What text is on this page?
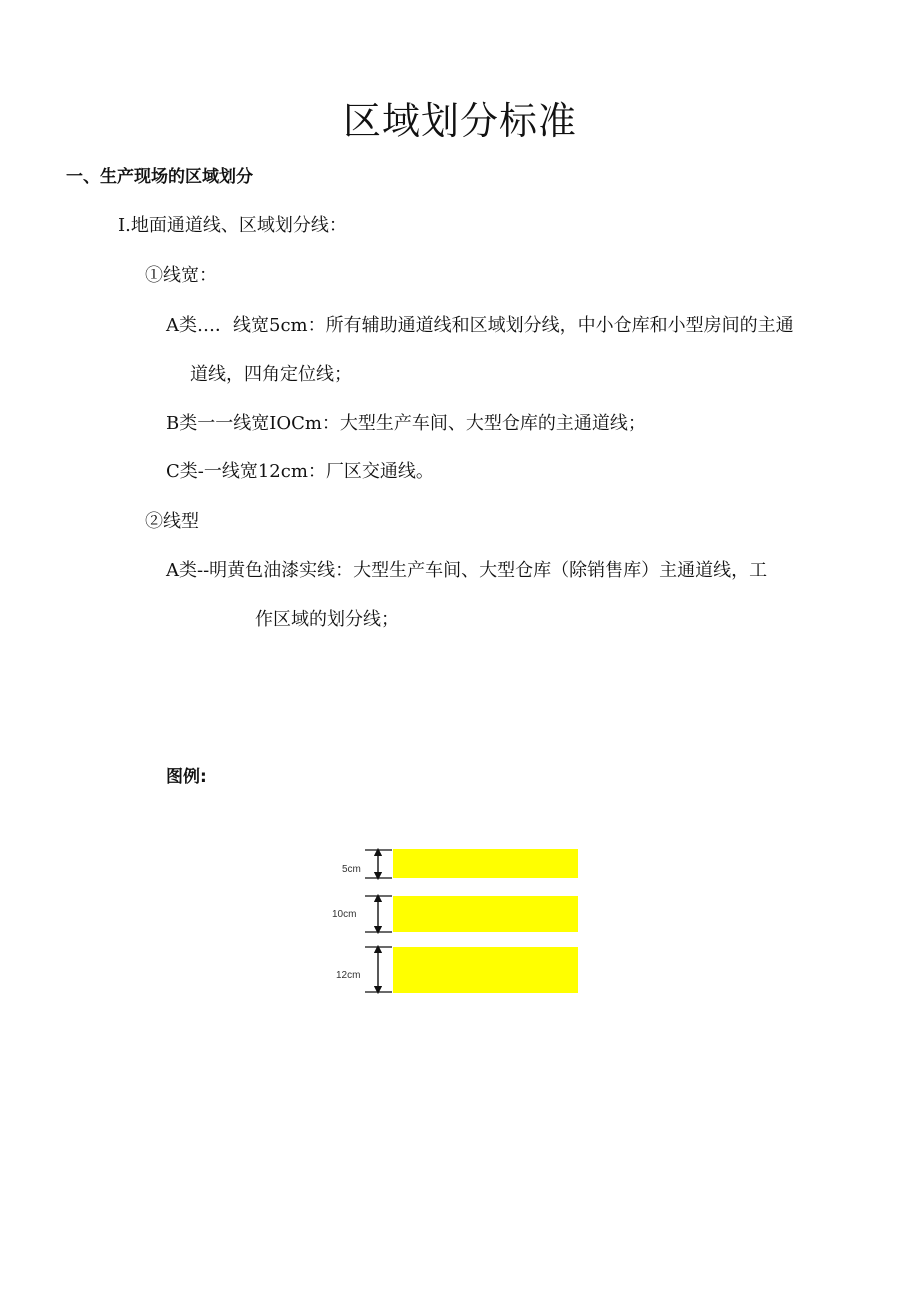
区域划分标准
一、生产现场的区域划分
I.地面通道线、区域划分线：
①线宽：
A类…．线宽5cm：所有辅助通道线和区域划分线，中小仓库和小型房间的主通
道线，四角定位线；
B类一一线宽IOCm：大型生产车间、大型仓库的主通道线；
C类-一线宽12cm：厂区交通线。
②线型
A类--明黄色油漆实线：大型生产车间、大型仓库（除销售库）主通道线，工
作区域的划分线；
图例:
5cm
10cm
12cm
